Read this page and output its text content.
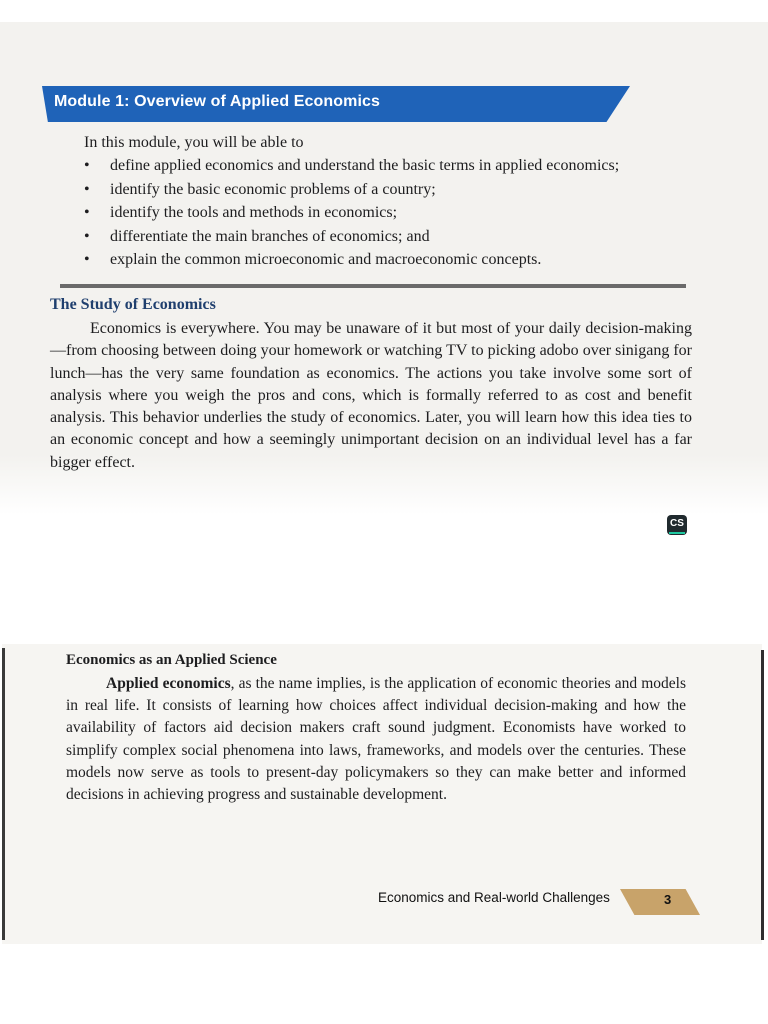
Module 1: Overview of Applied Economics
In this module, you will be able to
• define applied economics and understand the basic terms in applied economics;
• identify the basic economic problems of a country;
• identify the tools and methods in economics;
• differentiate the main branches of economics; and
• explain the common microeconomic and macroeconomic concepts.
The Study of Economics
Economics is everywhere. You may be unaware of it but most of your daily decision-making—from choosing between doing your homework or watching TV to picking adobo over sinigang for lunch—has the very same foundation as economics. The actions you take involve some sort of analysis where you weigh the pros and cons, which is formally referred to as cost and benefit analysis. This behavior underlies the study of economics. Later, you will learn how this idea ties to an economic concept and how a seemingly unimportant decision on an individual level has a far bigger effect.
CS
Economics as an Applied Science
Applied economics, as the name implies, is the application of economic theories and models in real life. It consists of learning how choices affect individual decision-making and how the availability of factors aid decision makers craft sound judgment. Economists have worked to simplify complex social phenomena into laws, frameworks, and models over the centuries. These models now serve as tools to present-day policymakers so they can make better and informed decisions in achieving progress and sustainable development.
Economics and Real-world Challenges	3
